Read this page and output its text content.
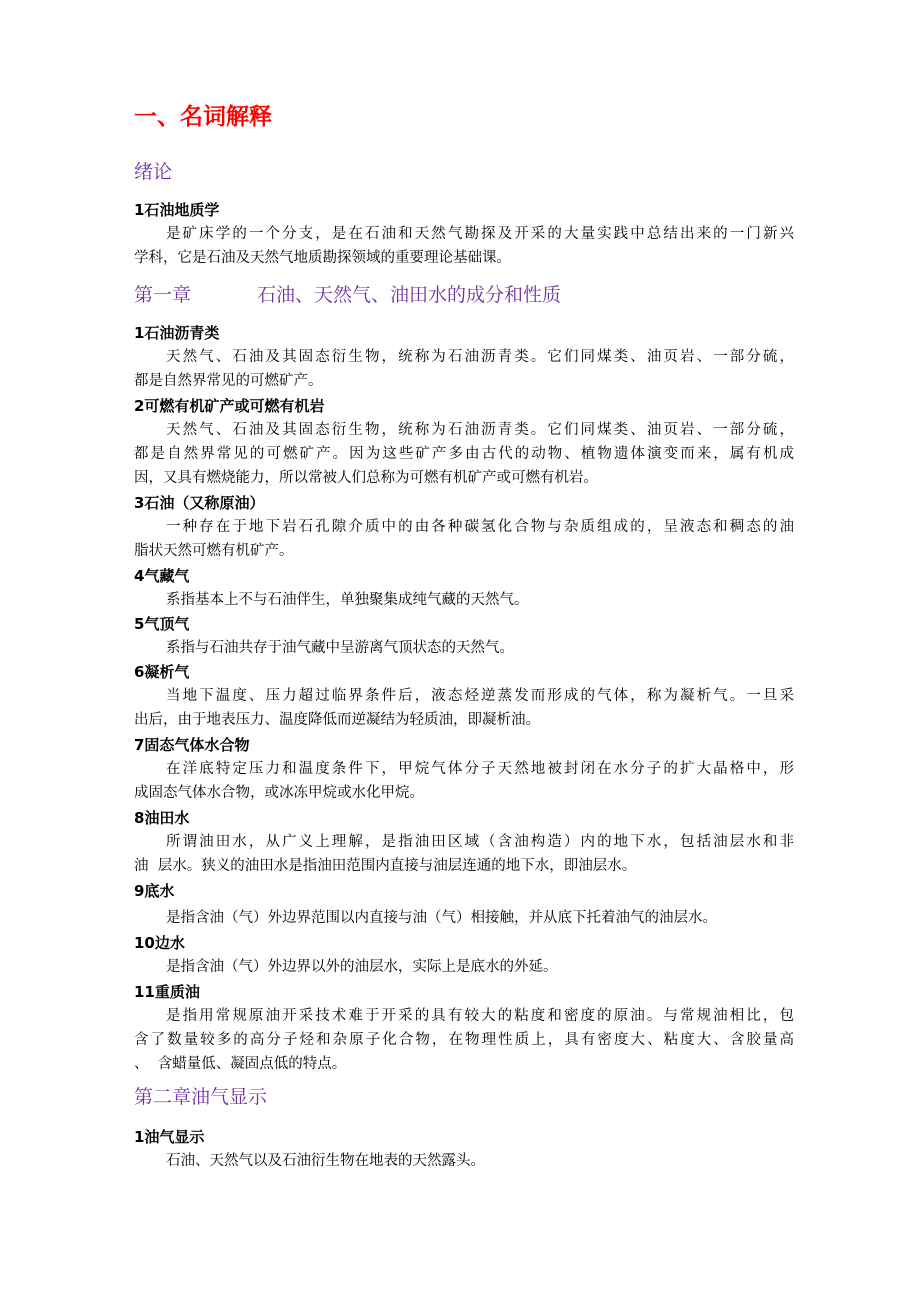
一、名词解释
绪论
1石油地质学

是矿床学的一个分支，是在石油和天然气勘探及开采的大量实践中总结出来的一门新兴

学科，它是石油及天然气地质勘探领域的重要理论基础课。

第一章	石油、天然气、油田水的成分和性质
1石油沥青类

天然气、石油及其固态衍生物，统称为石油沥青类。它们同煤类、油页岩、一部分硫，

都是自然界常见的可燃矿产。

2可燃有机矿产或可燃有机岩

天然气、石油及其固态衍生物，统称为石油沥青类。它们同煤类、油页岩、一部分硫，

都是自然界常见的可燃矿产。因为这些矿产多由古代的动物、植物遗体演变而来，属有机成

因，又具有燃烧能力，所以常被人们总称为可燃有机矿产或可燃有机岩。

3石油（又称原油）

一种存在于地下岩石孔隙介质中的由各种碳氢化合物与杂质组成的，呈液态和稠态的油

脂状天然可燃有机矿产。

4气藏气

系指基本上不与石油伴生，单独聚集成纯气藏的天然气。

5气顶气

系指与石油共存于油气藏中呈游离气顶状态的天然气。

6凝析气

当地下温度、压力超过临界条件后，液态烃逆蒸发而形成的气体，称为凝析气。一旦采

出后，由于地表压力、温度降低而逆凝结为轻质油，即凝析油。

7固态气体水合物

在洋底特定压力和温度条件下，甲烷气体分子天然地被封闭在水分子的扩大晶格中，形

成固态气体水合物，或冰冻甲烷或水化甲烷。

8油田水

所谓油田水，从广义上理解，是指油田区域（含油构造）内的地下水，包括油层水和非

油  层水。狭义的油田水是指油田范围内直接与油层连通的地下水，即油层水。

9底水

是指含油（气）外边界范围以内直接与油（气）相接触，并从底下托着油气的油层水。

10边水

是指含油（气）外边界以外的油层水，实际上是底水的外延。

11重质油

是指用常规原油开采技术难于开采的具有较大的粘度和密度的原油。与常规油相比，包

含了数量较多的高分子烃和杂原子化合物，在物理性质上，具有密度大、粘度大、含胶量高

、  含蜡量低、凝固点低的特点。

第二章油气显示
1油气显示

石油、天然气以及石油衍生物在地表的天然露头。
